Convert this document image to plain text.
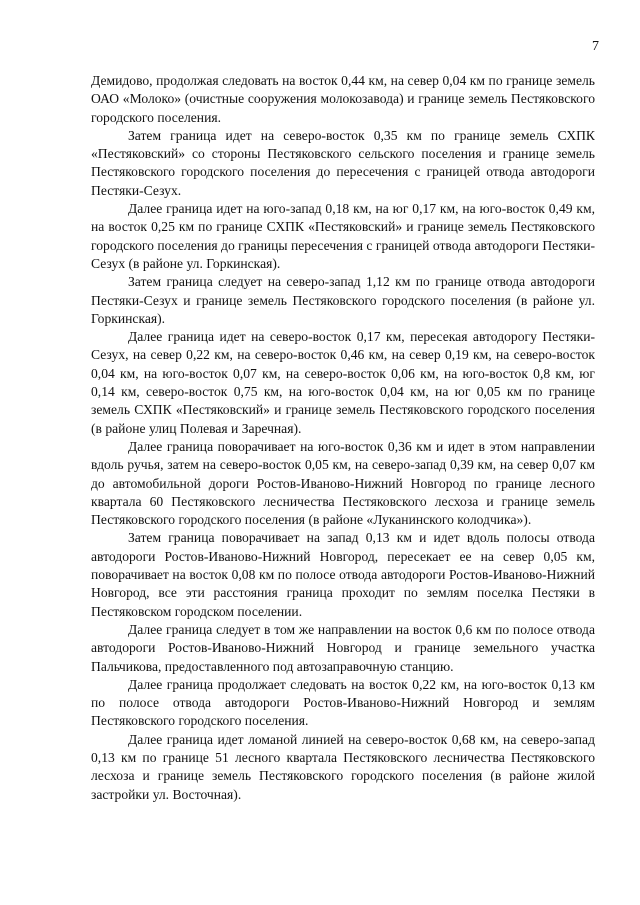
7

Демидово, продолжая следовать на восток 0,44 км, на север 0,04 км по границе земель ОАО «Молоко» (очистные сооружения молокозавода) и границе земель Пестяковского городского поселения.

Затем граница идет на северо-восток 0,35 км по границе земель СХПК «Пестяковский» со стороны Пестяковского сельского поселения и границе земель Пестяковского городского поселения до пересечения с границей отвода автодороги Пестяки-Сезух.

Далее граница идет на юго-запад 0,18 км, на юг 0,17 км, на юго-восток 0,49 км, на восток 0,25 км по границе СХПК «Пестяковский» и границе земель Пестяковского городского поселения до границы пересечения с границей отвода автодороги Пестяки-Сезух (в районе ул. Горкинская).

Затем граница следует на северо-запад 1,12 км по границе отвода автодороги Пестяки-Сезух и границе земель Пестяковского городского поселения (в районе ул. Горкинская).

Далее граница идет на северо-восток 0,17 км, пересекая автодорогу Пестяки-Сезух, на север 0,22 км, на северо-восток 0,46 км, на север 0,19 км, на северо-восток 0,04 км, на юго-восток 0,07 км, на северо-восток 0,06 км, на юго-восток 0,8 км, юг 0,14 км, северо-восток 0,75 км, на юго-восток 0,04 км, на юг 0,05 км по границе земель СХПК «Пестяковский» и границе земель Пестяковского городского поселения (в районе улиц Полевая и Заречная).

Далее граница поворачивает на юго-восток 0,36 км и идет в этом направлении вдоль ручья, затем на северо-восток 0,05 км, на северо-запад 0,39 км, на север 0,07 км до автомобильной дороги Ростов-Иваново-Нижний Новгород по границе лесного квартала 60 Пестяковского лесничества Пестяковского лесхоза и границе земель Пестяковского городского поселения (в районе «Луканинского колодчика»).

Затем граница поворачивает на запад 0,13 км и идет вдоль полосы отвода автодороги Ростов-Иваново-Нижний Новгород, пересекает ее на север 0,05 км, поворачивает на восток 0,08 км по полосе отвода автодороги Ростов-Иваново-Нижний Новгород, все эти расстояния граница проходит по землям поселка Пестяки в Пестяковском городском поселении.

Далее граница следует в том же направлении на восток 0,6 км по полосе отвода автодороги Ростов-Иваново-Нижний Новгород и границе земельного участка Пальчикова, предоставленного под автозаправочную станцию.

Далее граница продолжает следовать на восток 0,22 км, на юго-восток 0,13 км по полосе отвода автодороги Ростов-Иваново-Нижний Новгород и землям Пестяковского городского поселения.

Далее граница идет ломаной линией на северо-восток 0,68 км, на северо-запад 0,13 км по границе 51 лесного квартала Пестяковского лесничества Пестяковского лесхоза и границе земель Пестяковского городского поселения (в районе жилой застройки ул. Восточная).
